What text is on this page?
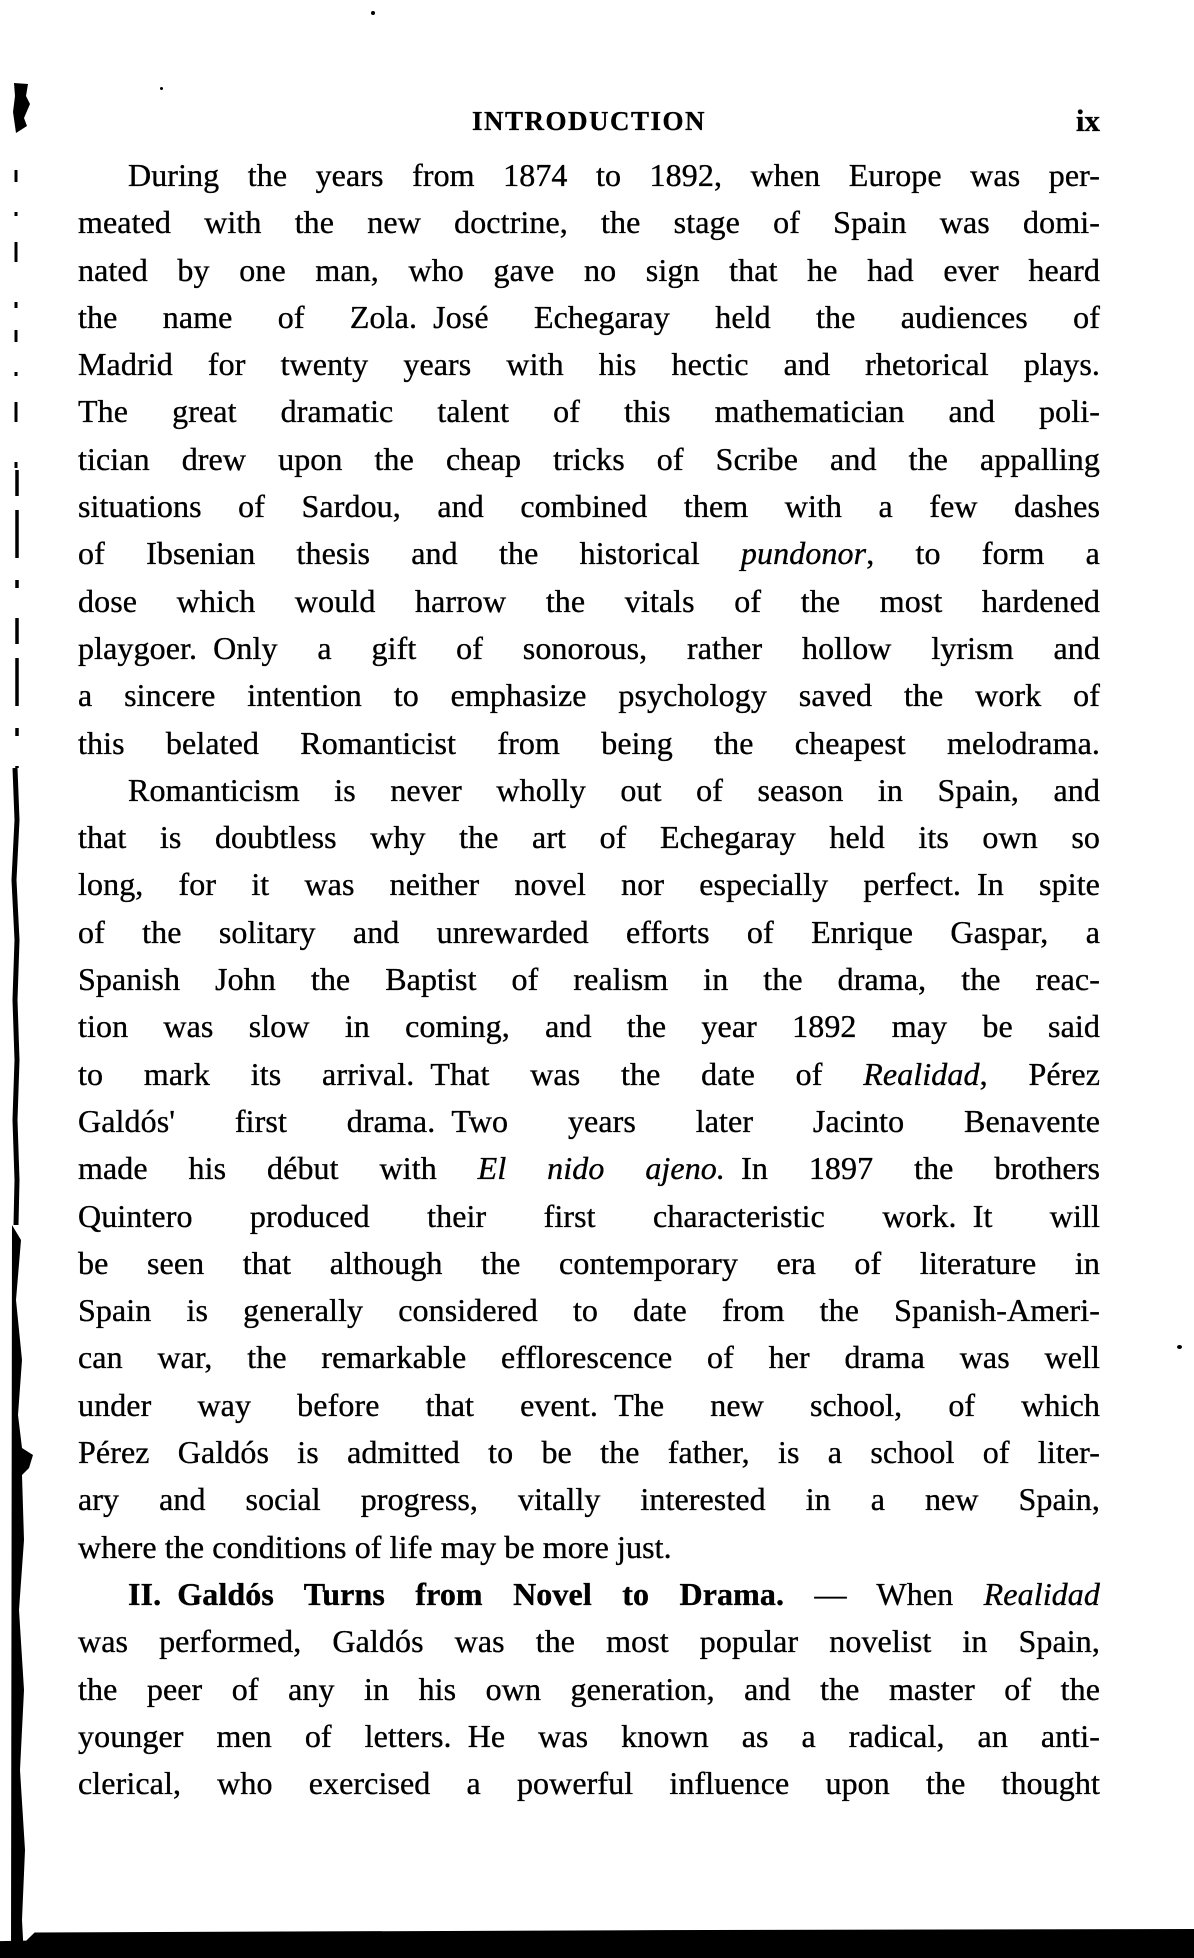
INTRODUCTION	ix
During the years from 1874 to 1892, when Europe was per-
meated with the new doctrine, the stage of Spain was domi-
nated by one man, who gave no sign that he had ever heard
the name of Zola. José Echegaray held the audiences of
Madrid for twenty years with his hectic and rhetorical plays.
The great dramatic talent of this mathematician and poli-
tician drew upon the cheap tricks of Scribe and the appalling
situations of Sardou, and combined them with a few dashes
of Ibsenian thesis and the historical pundonor, to form a
dose which would harrow the vitals of the most hardened
playgoer. Only a gift of sonorous, rather hollow lyrism and
a sincere intention to emphasize psychology saved the work of
this belated Romanticist from being the cheapest melodrama.
Romanticism is never wholly out of season in Spain, and
that is doubtless why the art of Echegaray held its own so
long, for it was neither novel nor especially perfect. In spite
of the solitary and unrewarded efforts of Enrique Gaspar, a
Spanish John the Baptist of realism in the drama, the reac-
tion was slow in coming, and the year 1892 may be said
to mark its arrival. That was the date of Realidad, Pérez
Galdós' first drama. Two years later Jacinto Benavente
made his début with El nido ajeno. In 1897 the brothers
Quintero produced their first characteristic work. It will
be seen that although the contemporary era of literature in
Spain is generally considered to date from the Spanish-Ameri-
can war, the remarkable efflorescence of her drama was well
under way before that event. The new school, of which
Pérez Galdós is admitted to be the father, is a school of liter-
ary and social progress, vitally interested in a new Spain,
where the conditions of life may be more just.
II. Galdós Turns from Novel to Drama. — When Realidad
was performed, Galdós was the most popular novelist in Spain,
the peer of any in his own generation, and the master of the
younger men of letters. He was known as a radical, an anti-
clerical, who exercised a powerful influence upon the thought
